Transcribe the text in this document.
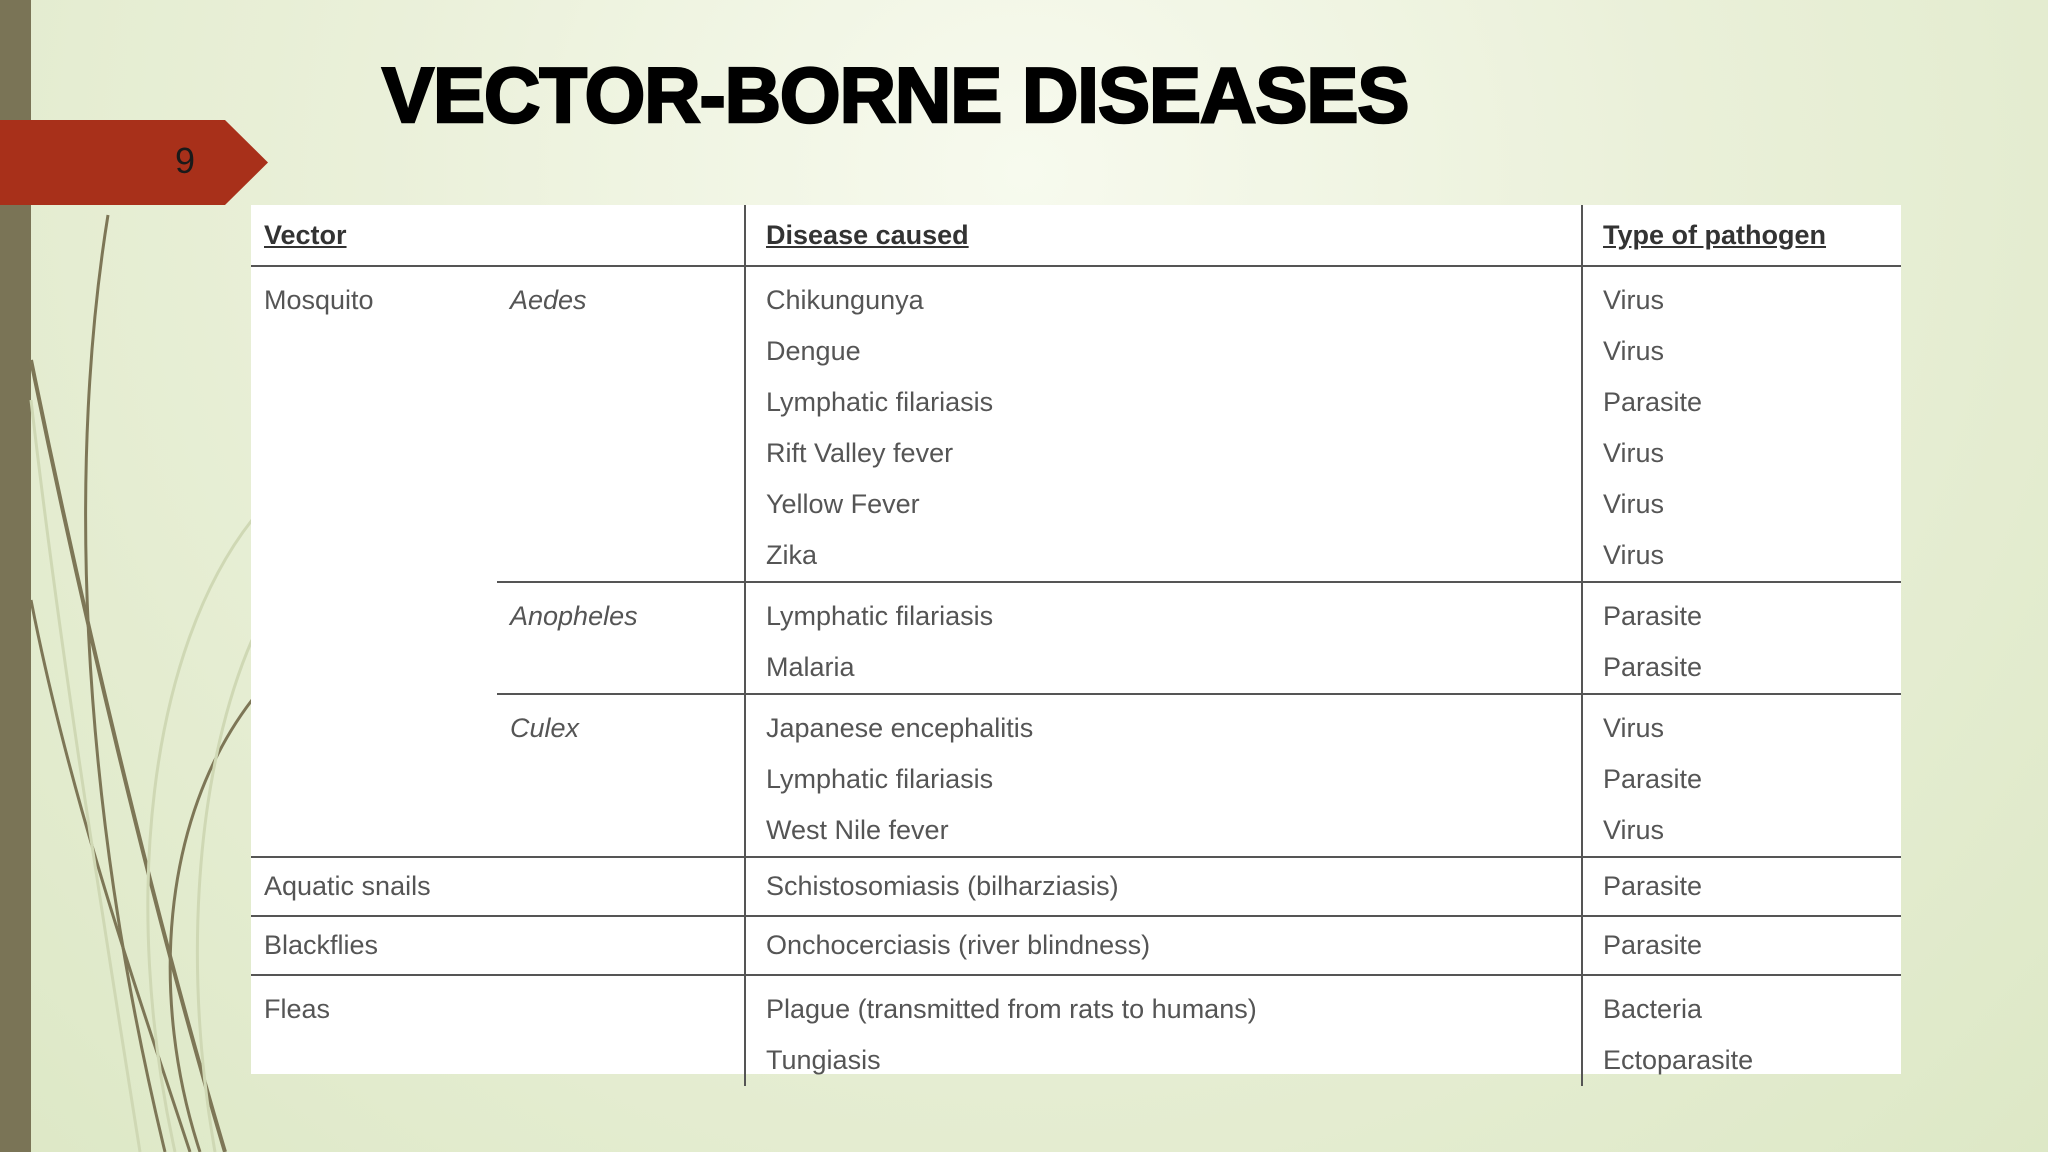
9
VECTOR-BORNE DISEASES
Vector		Disease caused	Type of pathogen
Mosquito	Aedes	Chikungunya	Virus
		Dengue	Virus
		Lymphatic filariasis	Parasite
		Rift Valley fever	Virus
		Yellow Fever	Virus
		Zika	Virus
	Anopheles	Lymphatic filariasis	Parasite
		Malaria	Parasite
	Culex	Japanese encephalitis	Virus
		Lymphatic filariasis	Parasite
		West Nile fever	Virus
Aquatic snails		Schistosomiasis (bilharziasis)	Parasite
Blackflies		Onchocerciasis (river blindness)	Parasite
Fleas		Plague (transmitted from rats to humans)	Bacteria
		Tungiasis	Ectoparasite
